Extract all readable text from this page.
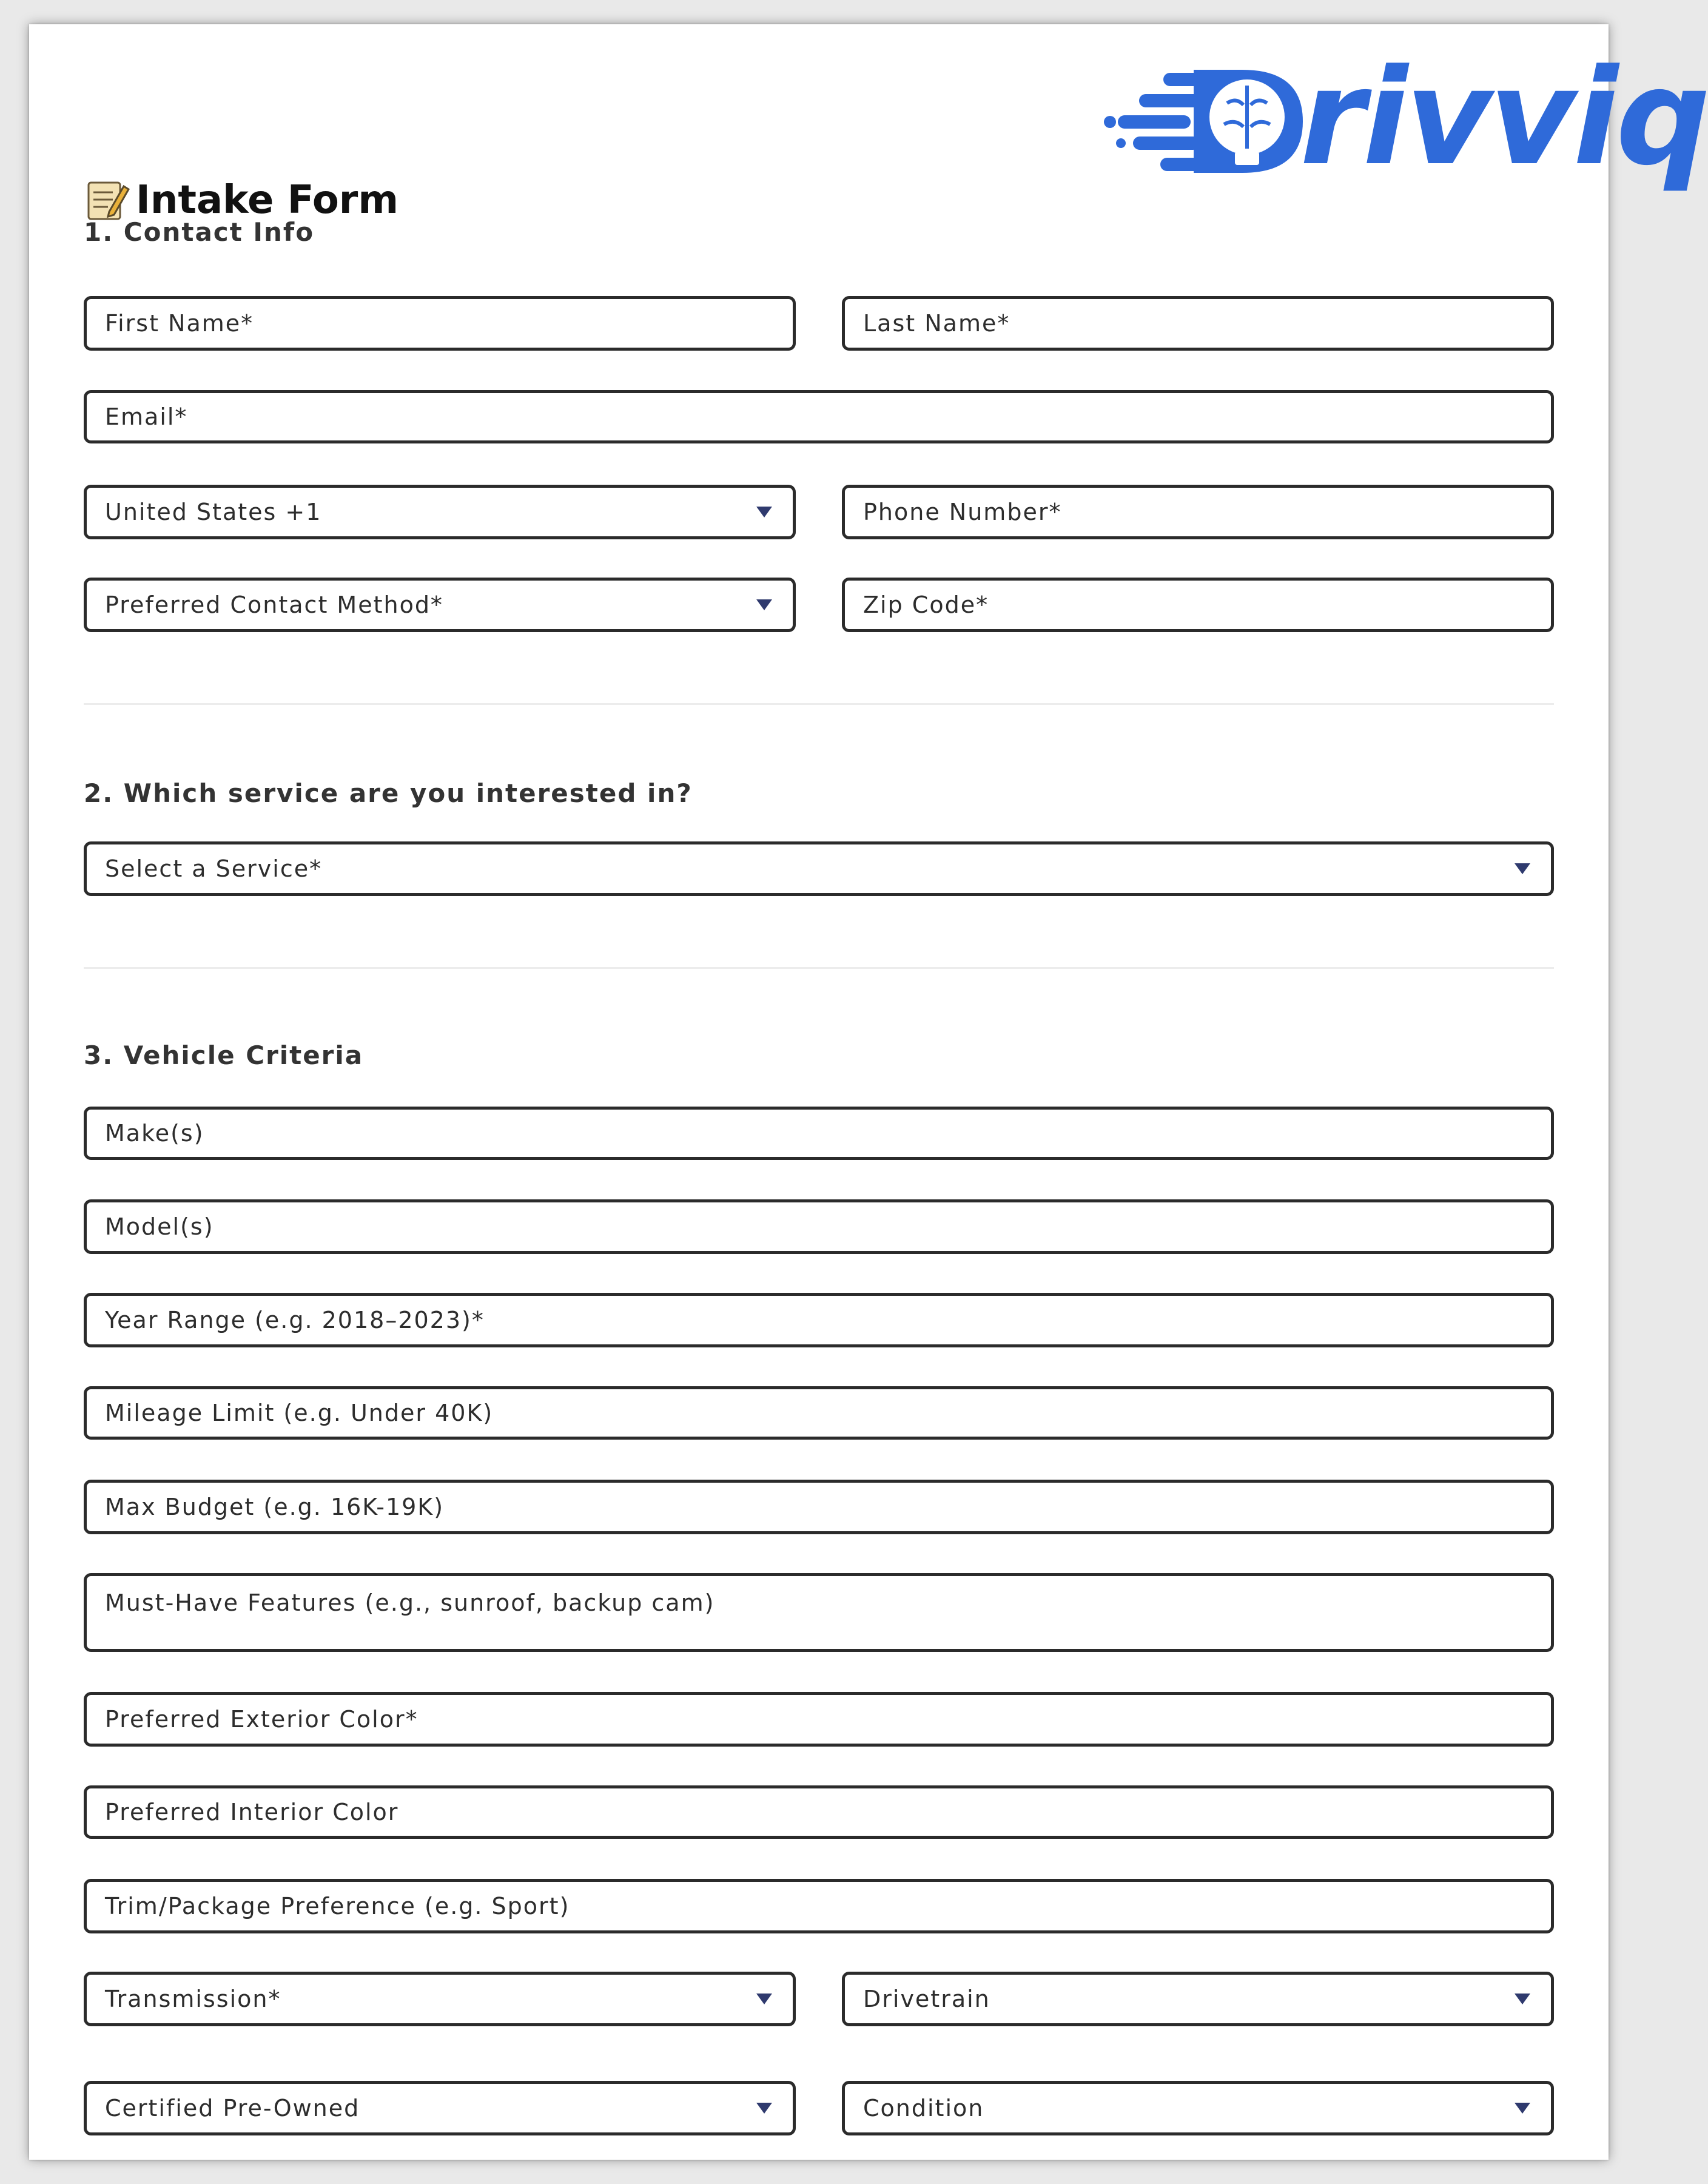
rivviq
Intake Form
1. Contact Info
First Name*	Last Name*
Email*
United States +1	Phone Number*
Preferred Contact Method*	Zip Code*
2. Which service are you interested in?
Select a Service*
3. Vehicle Criteria
Make(s)
Model(s)
Year Range (e.g. 2018–2023)*
Mileage Limit (e.g. Under 40K)
Max Budget (e.g. 16K-19K)
Must-Have Features (e.g., sunroof, backup cam)
Preferred Exterior Color*
Preferred Interior Color
Trim/Package Preference (e.g. Sport)
Transmission*	Drivetrain
Certified Pre-Owned	Condition
